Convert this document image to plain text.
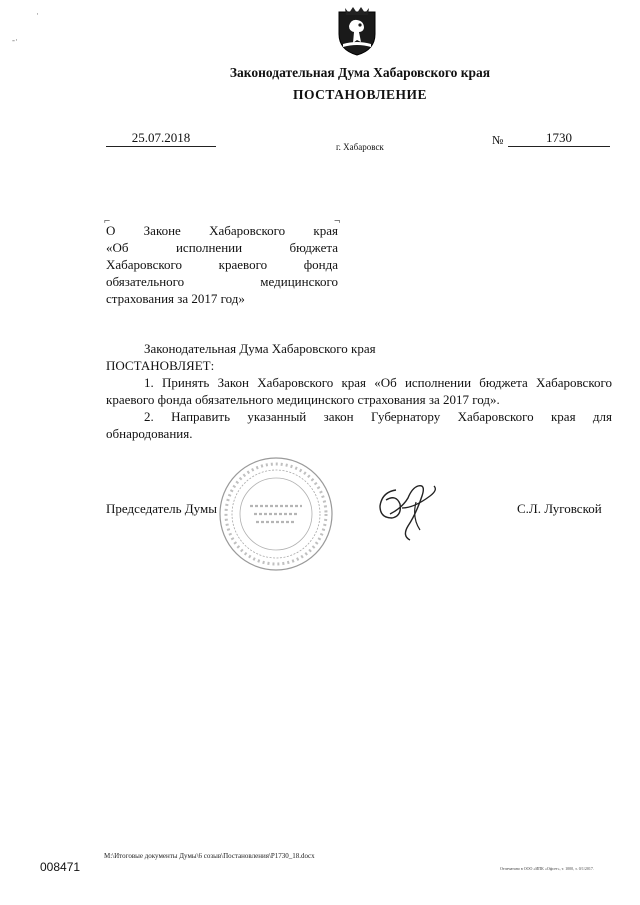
·
-·
Законодательная Дума Хабаровского края
ПОСТАНОВЛЕНИЕ
25.07.2018
г. Хабаровск	№	1730
⌐	¬
О Законе Хабаровского края
«Об исполнении бюджета
Хабаровского краевого фонда
обязательного медицинского
страхования за 2017 год»
Законодательная Дума Хабаровского края
ПОСТАНОВЛЯЕТ:
1. Принять Закон Хабаровского края «Об исполнении бюджета Хабаровского
краевого фонда обязательного медицинского страхования за 2017 год».
2. Направить указанный закон Губернатору Хабаровского края для
обнародования.
Председатель Думы	С.Л. Луговской
М:\Итоговые документы Думы\6 созыв\Постановления\Р1730_18.docx
Отпечатано в ООО «ИПК «Офсет», т. 1000, з. 0/1/2017.
008471
